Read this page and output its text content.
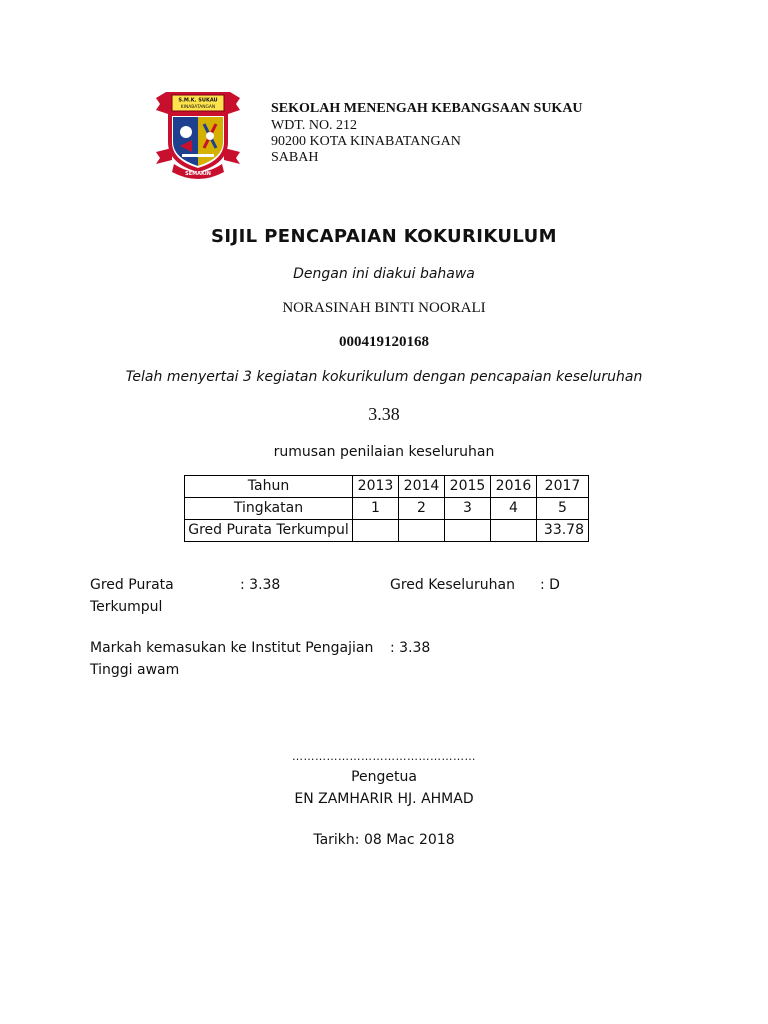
S.M.K. SUKAU
KINABATANGAN
SEMAKIN
SEKOLAH MENENGAH KEBANGSAAN SUKAU
WDT. NO. 212
90200 KOTA KINABATANGAN
SABAH
SIJIL PENCAPAIAN KOKURIKULUM
Dengan ini diakui bahawa
NORASINAH BINTI NOORALI
000419120168
Telah menyertai 3 kegiatan kokurikulum dengan pencapaian keseluruhan
3.38
rumusan penilaian keseluruhan
Tahun	2013	2014	2015	2016	2017
Tingkatan	1	2	3	4	5
Gred Purata Terkumpul					33.78
Gred Purata Terkumpul
: 3.38	Gred Keseluruhan : D
Markah kemasukan ke Institut Pengajian Tinggi awam
: 3.38
…………………………………………
Pengetua
EN ZAMHARIR HJ. AHMAD
Tarikh: 08 Mac 2018
